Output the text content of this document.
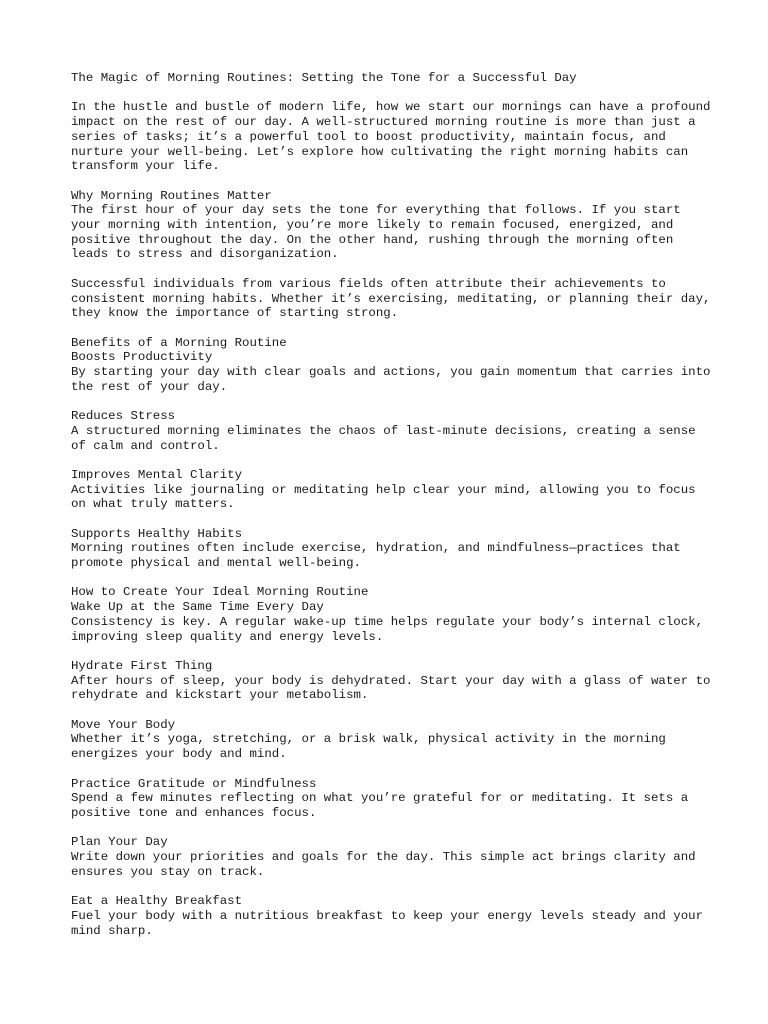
The Magic of Morning Routines: Setting the Tone for a Successful Day

In the hustle and bustle of modern life, how we start our mornings can have a profound impact on the rest of our day. A well-structured morning routine is more than just a series of tasks; it’s a powerful tool to boost productivity, maintain focus, and nurture your well-being. Let’s explore how cultivating the right morning habits can transform your life.

Why Morning Routines Matter
The first hour of your day sets the tone for everything that follows. If you start your morning with intention, you’re more likely to remain focused, energized, and positive throughout the day. On the other hand, rushing through the morning often leads to stress and disorganization.

Successful individuals from various fields often attribute their achievements to consistent morning habits. Whether it’s exercising, meditating, or planning their day, they know the importance of starting strong.

Benefits of a Morning Routine
Boosts Productivity
By starting your day with clear goals and actions, you gain momentum that carries into the rest of your day.

Reduces Stress
A structured morning eliminates the chaos of last-minute decisions, creating a sense of calm and control.

Improves Mental Clarity
Activities like journaling or meditating help clear your mind, allowing you to focus on what truly matters.

Supports Healthy Habits
Morning routines often include exercise, hydration, and mindfulness—practices that promote physical and mental well-being.

How to Create Your Ideal Morning Routine
Wake Up at the Same Time Every Day
Consistency is key. A regular wake-up time helps regulate your body’s internal clock, improving sleep quality and energy levels.

Hydrate First Thing
After hours of sleep, your body is dehydrated. Start your day with a glass of water to rehydrate and kickstart your metabolism.

Move Your Body
Whether it’s yoga, stretching, or a brisk walk, physical activity in the morning energizes your body and mind.

Practice Gratitude or Mindfulness
Spend a few minutes reflecting on what you’re grateful for or meditating. It sets a positive tone and enhances focus.

Plan Your Day
Write down your priorities and goals for the day. This simple act brings clarity and ensures you stay on track.

Eat a Healthy Breakfast
Fuel your body with a nutritious breakfast to keep your energy levels steady and your mind sharp.
